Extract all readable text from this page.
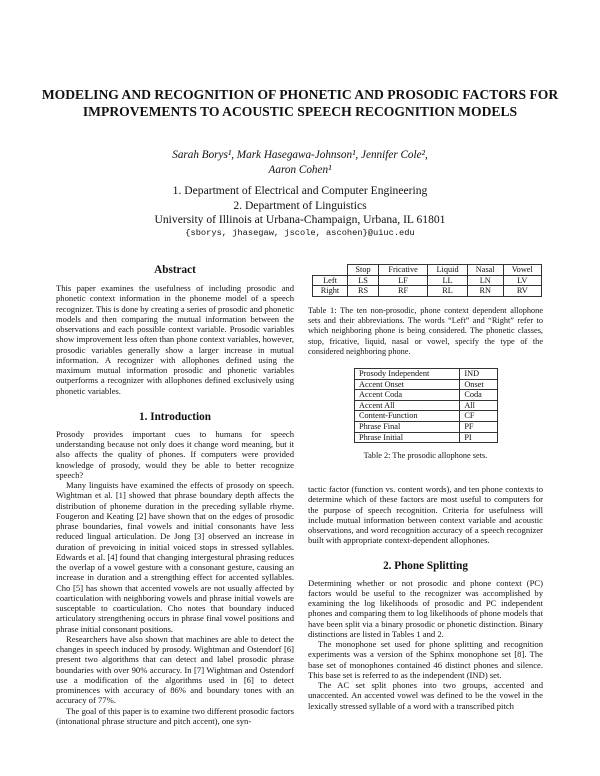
MODELING AND RECOGNITION OF PHONETIC AND PROSODIC FACTORS FOR IMPROVEMENTS TO ACOUSTIC SPEECH RECOGNITION MODELS
Sarah Borys¹, Mark Hasegawa-Johnson¹, Jennifer Cole²,
Aaron Cohen¹
1. Department of Electrical and Computer Engineering
2. Department of Linguistics
University of Illinois at Urbana-Champaign, Urbana, IL 61801
{sborys, jhasegaw, jscole, ascohen}@uiuc.edu
Abstract

This paper examines the usefulness of including prosodic and phonetic context information in the phoneme model of a speech recognizer. This is done by creating a series of prosodic and phonetic models and then comparing the mutual information between the observations and each possible context variable. Prosodic variables show improvement less often than phone context variables, however, prosodic variables generally show a larger increase in mutual information. A recognizer with allophones defined using the maximum mutual information prosodic and phonetic variables outperforms a recognizer with allophones defined exclusively using phonetic variables.

1. Introduction

Prosody provides important cues to humans for speech understanding because not only does it change word meaning, but it also affects the quality of phones. If computers were provided knowledge of prosody, would they be able to better recognize speech?

Many linguists have examined the effects of prosody on speech. Wightman et al. [1] showed that phrase boundary depth affects the distribution of phoneme duration in the preceding syllable rhyme. Fougeron and Keating [2] have shown that on the edges of prosodic phrase boundaries, final vowels and initial consonants have less reduced lingual articulation. De Jong [3] observed an increase in duration of prevoicing in initial voiced stops in stressed syllables. Edwards et al. [4] found that changing intergestural phrasing reduces the overlap of a vowel gesture with a consonant gesture, causing an increase in duration and a strengthing effect for accented syllables. Cho [5] has shown that accented vowels are not usually affected by coarticulation with neighboring vowels and phrase initial vowels are susceptable to coarticulation. Cho notes that boundary induced articulatory strengthening occurs in phrase final vowel positions and phrase initial consonant positions.

Researchers have also shown that machines are able to detect the changes in speech induced by prosody. Wightman and Ostendorf [6] present two algorithms that can detect and label prosodic phrase boundaries with over 90% accuracy. In [7] Wightman and Ostendorf use a modification of the algorithms used in [6] to detect prominences with accuracy of 86% and boundary tones with an accuracy of 77%.

The goal of this paper is to examine two different prosodic factors (intonational phrase structure and pitch accent), one syn-

	Stop	Fricative	Liquid	Nasal	Vowel
Left	LS	LF	LL	LN	LV
Right	RS	RF	RL	RN	RV
Table 1: The ten non-prosodic, phone context dependent allophone sets and their abbreviations. The words “Left” and “Right” refer to which neighboring phone is being considered. The phonetic classes, stop, fricative, liquid, nasal or vowel, specify the type of the considered neighboring phone.
Prosody Independent	IND
Accent Onset	Onset
Accent Coda	Coda
Accent All	All
Content-Function	CF
Phrase Final	PF
Phrase Initial	PI
Table 2: The prosodic allophone sets.

tactic factor (function vs. content words), and ten phone contexts to determine which of these factors are most useful to computers for the purpose of speech recognition. Criteria for usefulness will include mutual information between context variable and acoustic observations, and word recognition accuracy of a speech recognizer built with appropriate context-dependent allophones.

2. Phone Splitting

Determining whether or not prosodic and phone context (PC) factors would be useful to the recognizer was accomplished by examining the log likelihoods of prosodic and PC independent phones and comparing them to log likelihoods of phone models that have been split via a binary prosodic or phonetic distinction. Binary distinctions are listed in Tables 1 and 2.

The monophone set used for phone splitting and recognition experiments was a version of the Sphinx monophone set [8]. The base set of monophones contained 46 distinct phones and silence. This base set is referred to as the independent (IND) set.

The AC set split phones into two groups, accented and unaccented. An accented vowel was defined to be the vowel in the lexically stressed syllable of a word with a transcribed pitch
